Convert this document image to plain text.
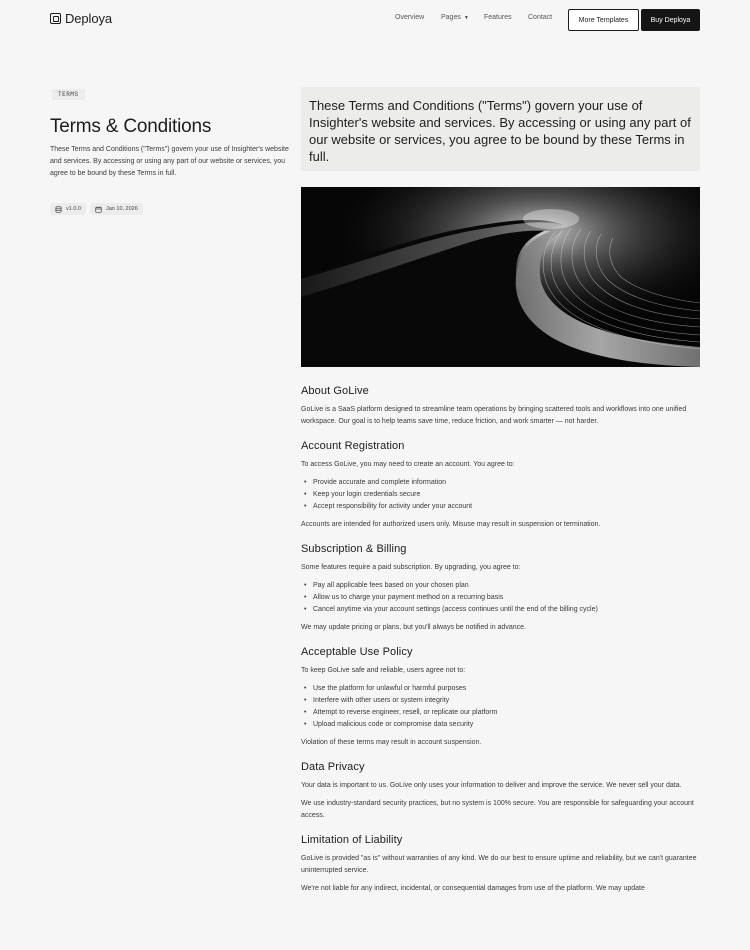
Deploya	Overview Pages ▼ Features Contact	More Templates	Buy Deploya
TERMS
Terms & Conditions

These Terms and Conditions ("Terms") govern your use of Insighter's website and services. By accessing or using any part of our website or services, you agree to be bound by these Terms in full.

v1.0.0	Jan 10, 2026
These Terms and Conditions ("Terms") govern your use of Insighter's website and services. By accessing or using any part of our website or services, you agree to be bound by these Terms in full.
About GoLive

GoLive is a SaaS platform designed to streamline team operations by bringing scattered tools and workflows into one unified workspace. Our goal is to help teams save time, reduce friction, and work smarter — not harder.

Account Registration

To access GoLive, you may need to create an account. You agree to:

• Provide accurate and complete information
• Keep your login credentials secure
• Accept responsibility for activity under your account

Accounts are intended for authorized users only. Misuse may result in suspension or termination.

Subscription & Billing

Some features require a paid subscription. By upgrading, you agree to:

• Pay all applicable fees based on your chosen plan
• Allow us to charge your payment method on a recurring basis
• Cancel anytime via your account settings (access continues until the end of the billing cycle)

We may update pricing or plans, but you'll always be notified in advance.

Acceptable Use Policy

To keep GoLive safe and reliable, users agree not to:

• Use the platform for unlawful or harmful purposes
• Interfere with other users or system integrity
• Attempt to reverse engineer, resell, or replicate our platform
• Upload malicious code or compromise data security

Violation of these terms may result in account suspension.

Data Privacy

Your data is important to us. GoLive only uses your information to deliver and improve the service. We never sell your data.

We use industry-standard security practices, but no system is 100% secure. You are responsible for safeguarding your account access.

Limitation of Liability

GoLive is provided "as is" without warranties of any kind. We do our best to ensure uptime and reliability, but we can't guarantee uninterrupted service.

We're not liable for any indirect, incidental, or consequential damages from use of the platform. We may update
